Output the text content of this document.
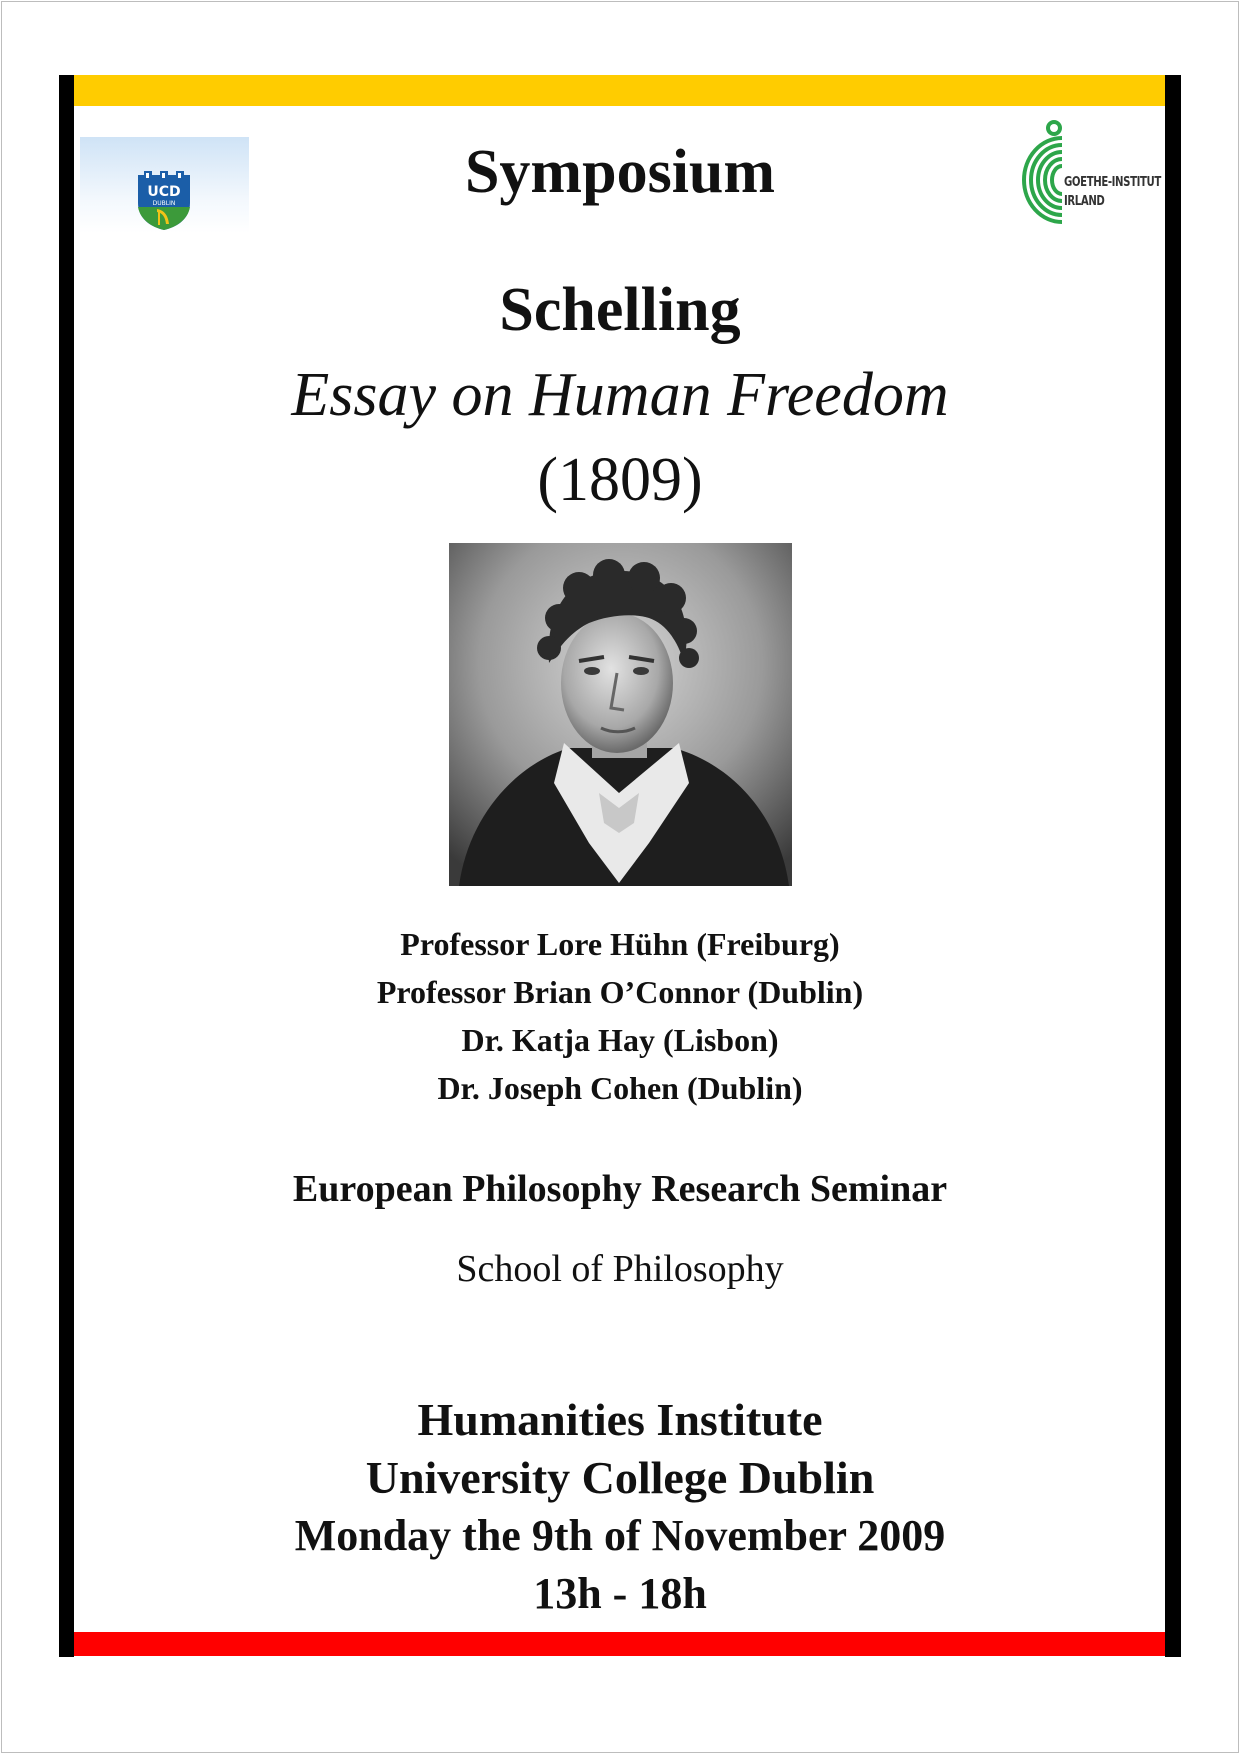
UCD
DUBLIN
GOETHE-INSTITUT
IRLAND
Symposium
Schelling
Essay on Human Freedom
(1809)
Professor Lore Hühn (Freiburg)
Professor Brian O’Connor (Dublin)
Dr. Katja Hay (Lisbon)
Dr. Joseph Cohen (Dublin)
European Philosophy Research Seminar
School of Philosophy
Humanities Institute
University College Dublin
Monday the 9th of November 2009
13h - 18h
